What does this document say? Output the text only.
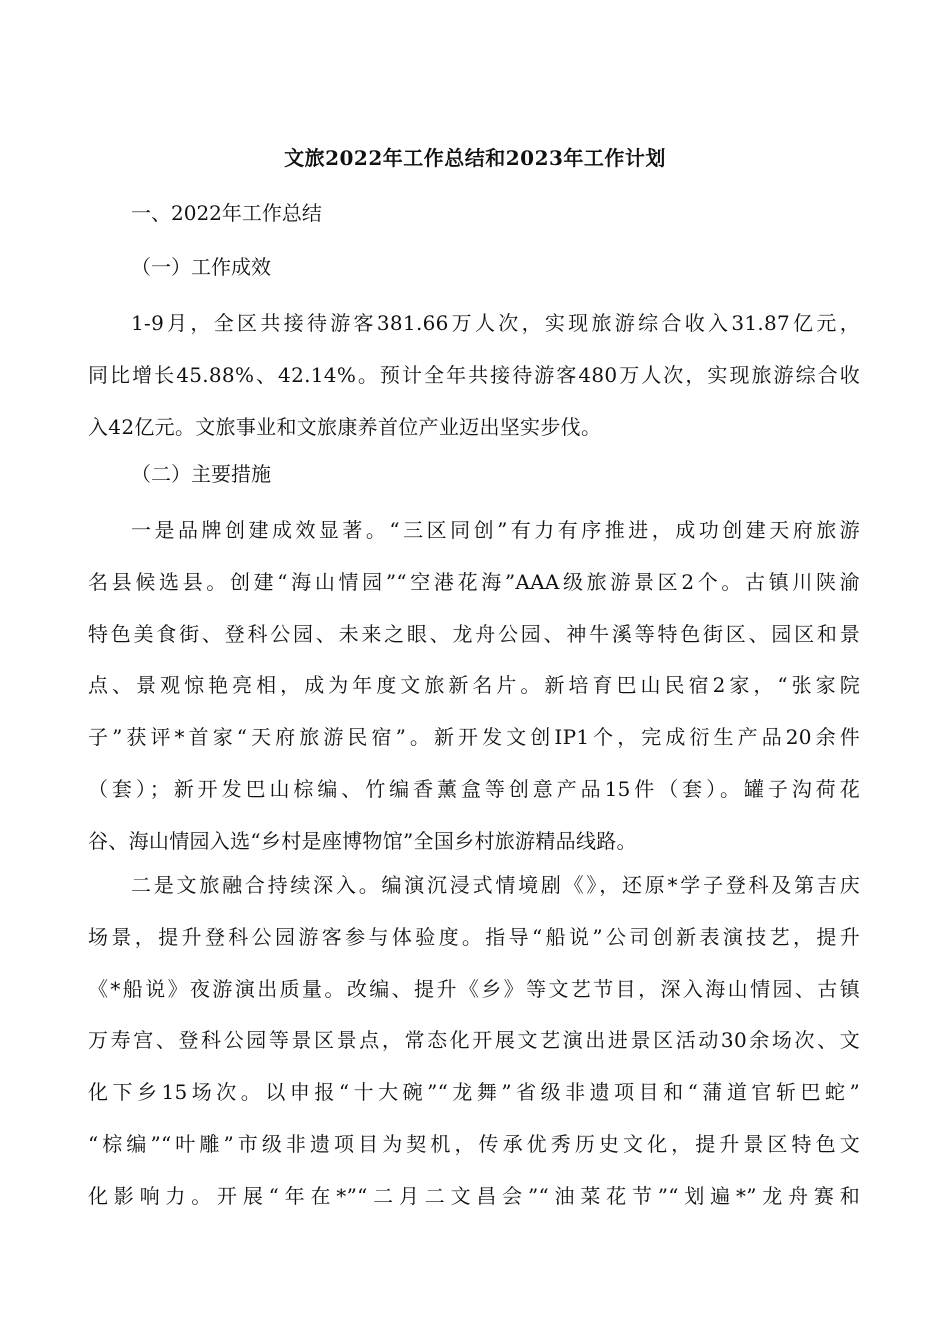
文旅2022年工作总结和2023年工作计划
一、2022年工作总结
（一）工作成效

1-9月，全区共接待游客381.66万人次，实现旅游综合收入31.87亿元，
同比增长45.88%、42.14%。预计全年共接待游客480万人次，实现旅游综合收
入42亿元。文旅事业和文旅康养首位产业迈出坚实步伐。

（二）主要措施

一是品牌创建成效显著。“三区同创”有力有序推进，成功创建天府旅游
名县候选县。创建“海山情园”“空港花海”AAA级旅游景区2个。古镇川陕渝
特色美食街、登科公园、未来之眼、龙舟公园、神牛溪等特色街区、园区和景
点、景观惊艳亮相，成为年度文旅新名片。新培育巴山民宿2家，“张家院
子”获评*首家“天府旅游民宿”。新开发文创IP1个，完成衍生产品20余件
（套）；新开发巴山棕编、竹编香薰盒等创意产品15件（套）。罐子沟荷花
谷、海山情园入选“乡村是座博物馆”全国乡村旅游精品线路。

二是文旅融合持续深入。编演沉浸式情境剧《》，还原*学子登科及第吉庆
场景，提升登科公园游客参与体验度。指导“船说”公司创新表演技艺，提升
《*船说》夜游演出质量。改编、提升《乡》等文艺节目，深入海山情园、古镇
万寿宫、登科公园等景区景点，常态化开展文艺演出进景区活动30余场次、文
化下乡15场次。以申报“十大碗”“龙舞”省级非遗项目和“蒲道官斩巴蛇”
“棕编”“叶雕”市级非遗项目为契机，传承优秀历史文化，提升景区特色文
化影响力。开展“年在*”“二月二文昌会”“油菜花节”“划遍*”龙舟赛和
